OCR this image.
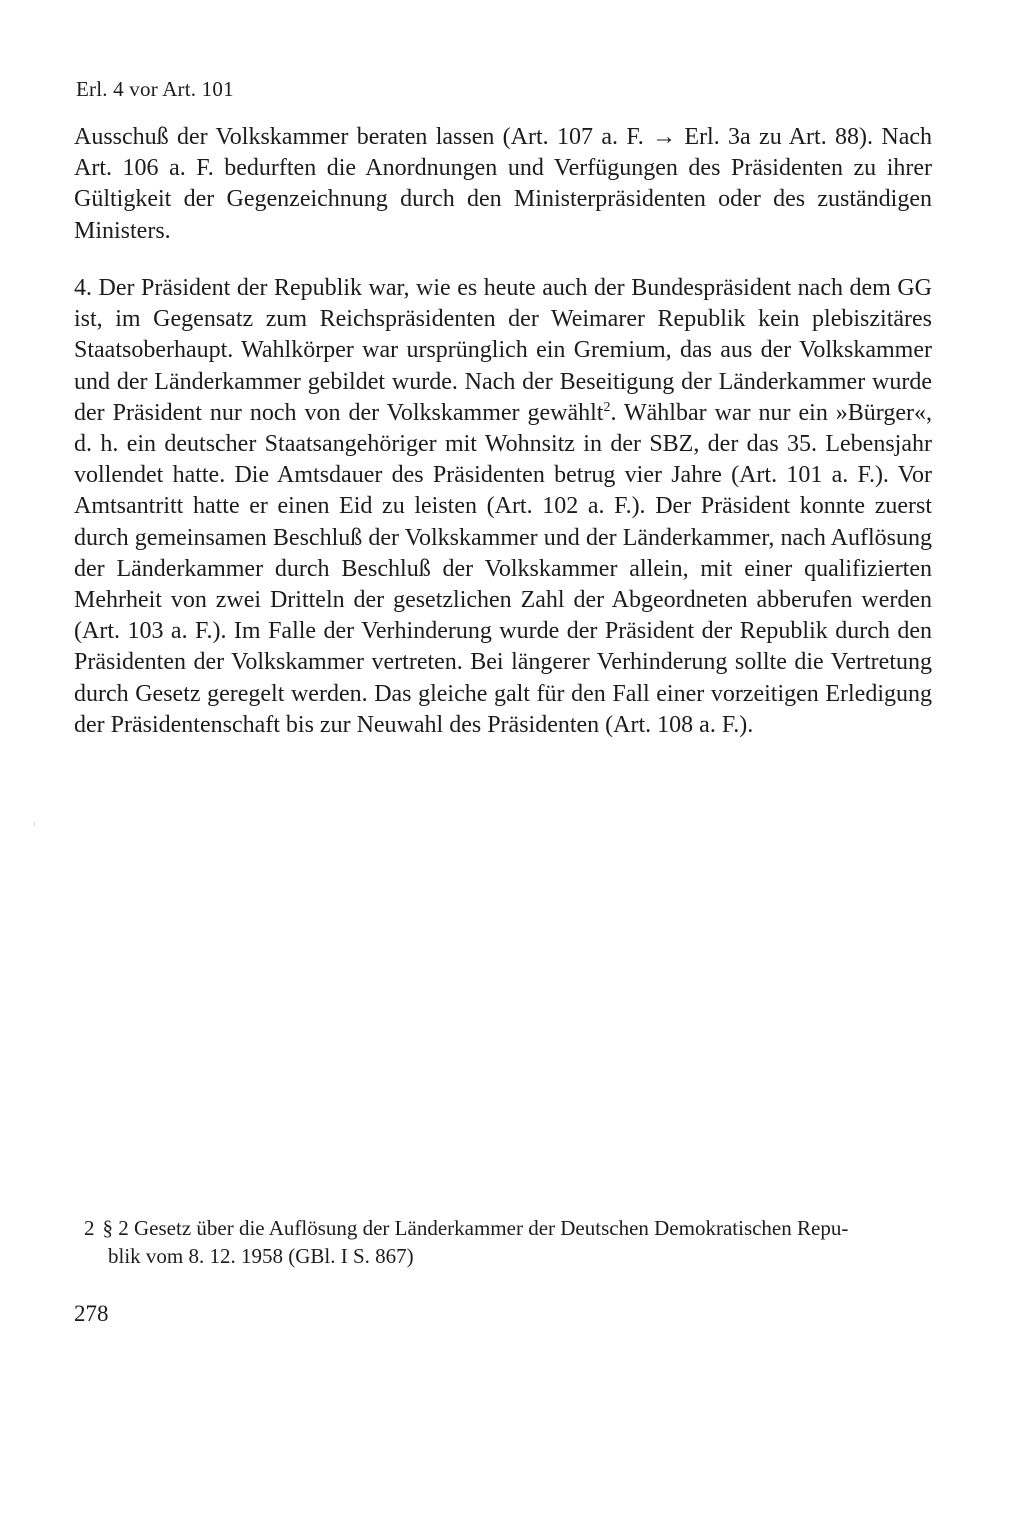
Erl. 4 vor Art. 101

Ausschuß der Volkskammer beraten lassen (Art. 107 a. F. → Erl. 3a zu Art. 88). Nach Art. 106 a. F. bedurften die Anordnungen und Verfügungen des Präsidenten zu ihrer Gültigkeit der Gegenzeichnung durch den Ministerpräsidenten oder des zuständigen Ministers.

4. Der Präsident der Republik war, wie es heute auch der Bundespräsident nach dem GG ist, im Gegensatz zum Reichspräsidenten der Weimarer Republik kein plebiszitäres Staatsoberhaupt. Wahlkörper war ursprünglich ein Gremium, das aus der Volkskammer und der Länderkammer gebildet wurde. Nach der Beseitigung der Länderkammer wurde der Präsident nur noch von der Volkskammer gewählt$^2$. Wählbar war nur ein »Bürger«, d. h. ein deutscher Staatsangehöriger mit Wohnsitz in der SBZ, der das 35. Lebensjahr vollendet hatte. Die Amtsdauer des Präsidenten betrug vier Jahre (Art. 101 a. F.). Vor Amtsantritt hatte er einen Eid zu leisten (Art. 102 a. F.). Der Präsident konnte zuerst durch gemeinsamen Beschluß der Volkskammer und der Länderkammer, nach Auflösung der Länderkammer durch Beschluß der Volkskammer allein, mit einer qualifizierten Mehrheit von zwei Dritteln der gesetzlichen Zahl der Abgeordneten abberufen werden (Art. 103 a. F.). Im Falle der Verhinderung wurde der Präsident der Republik durch den Präsidenten der Volkskammer vertreten. Bei längerer Verhinderung sollte die Vertretung durch Gesetz geregelt werden. Das gleiche galt für den Fall einer vorzeitigen Erledigung der Präsidentenschaft bis zur Neuwahl des Präsidenten (Art. 108 a. F.).

2 § 2 Gesetz über die Auflösung der Länderkammer der Deutschen Demokratischen Repu-
blik vom 8. 12. 1958 (GBl. I S. 867)
278
